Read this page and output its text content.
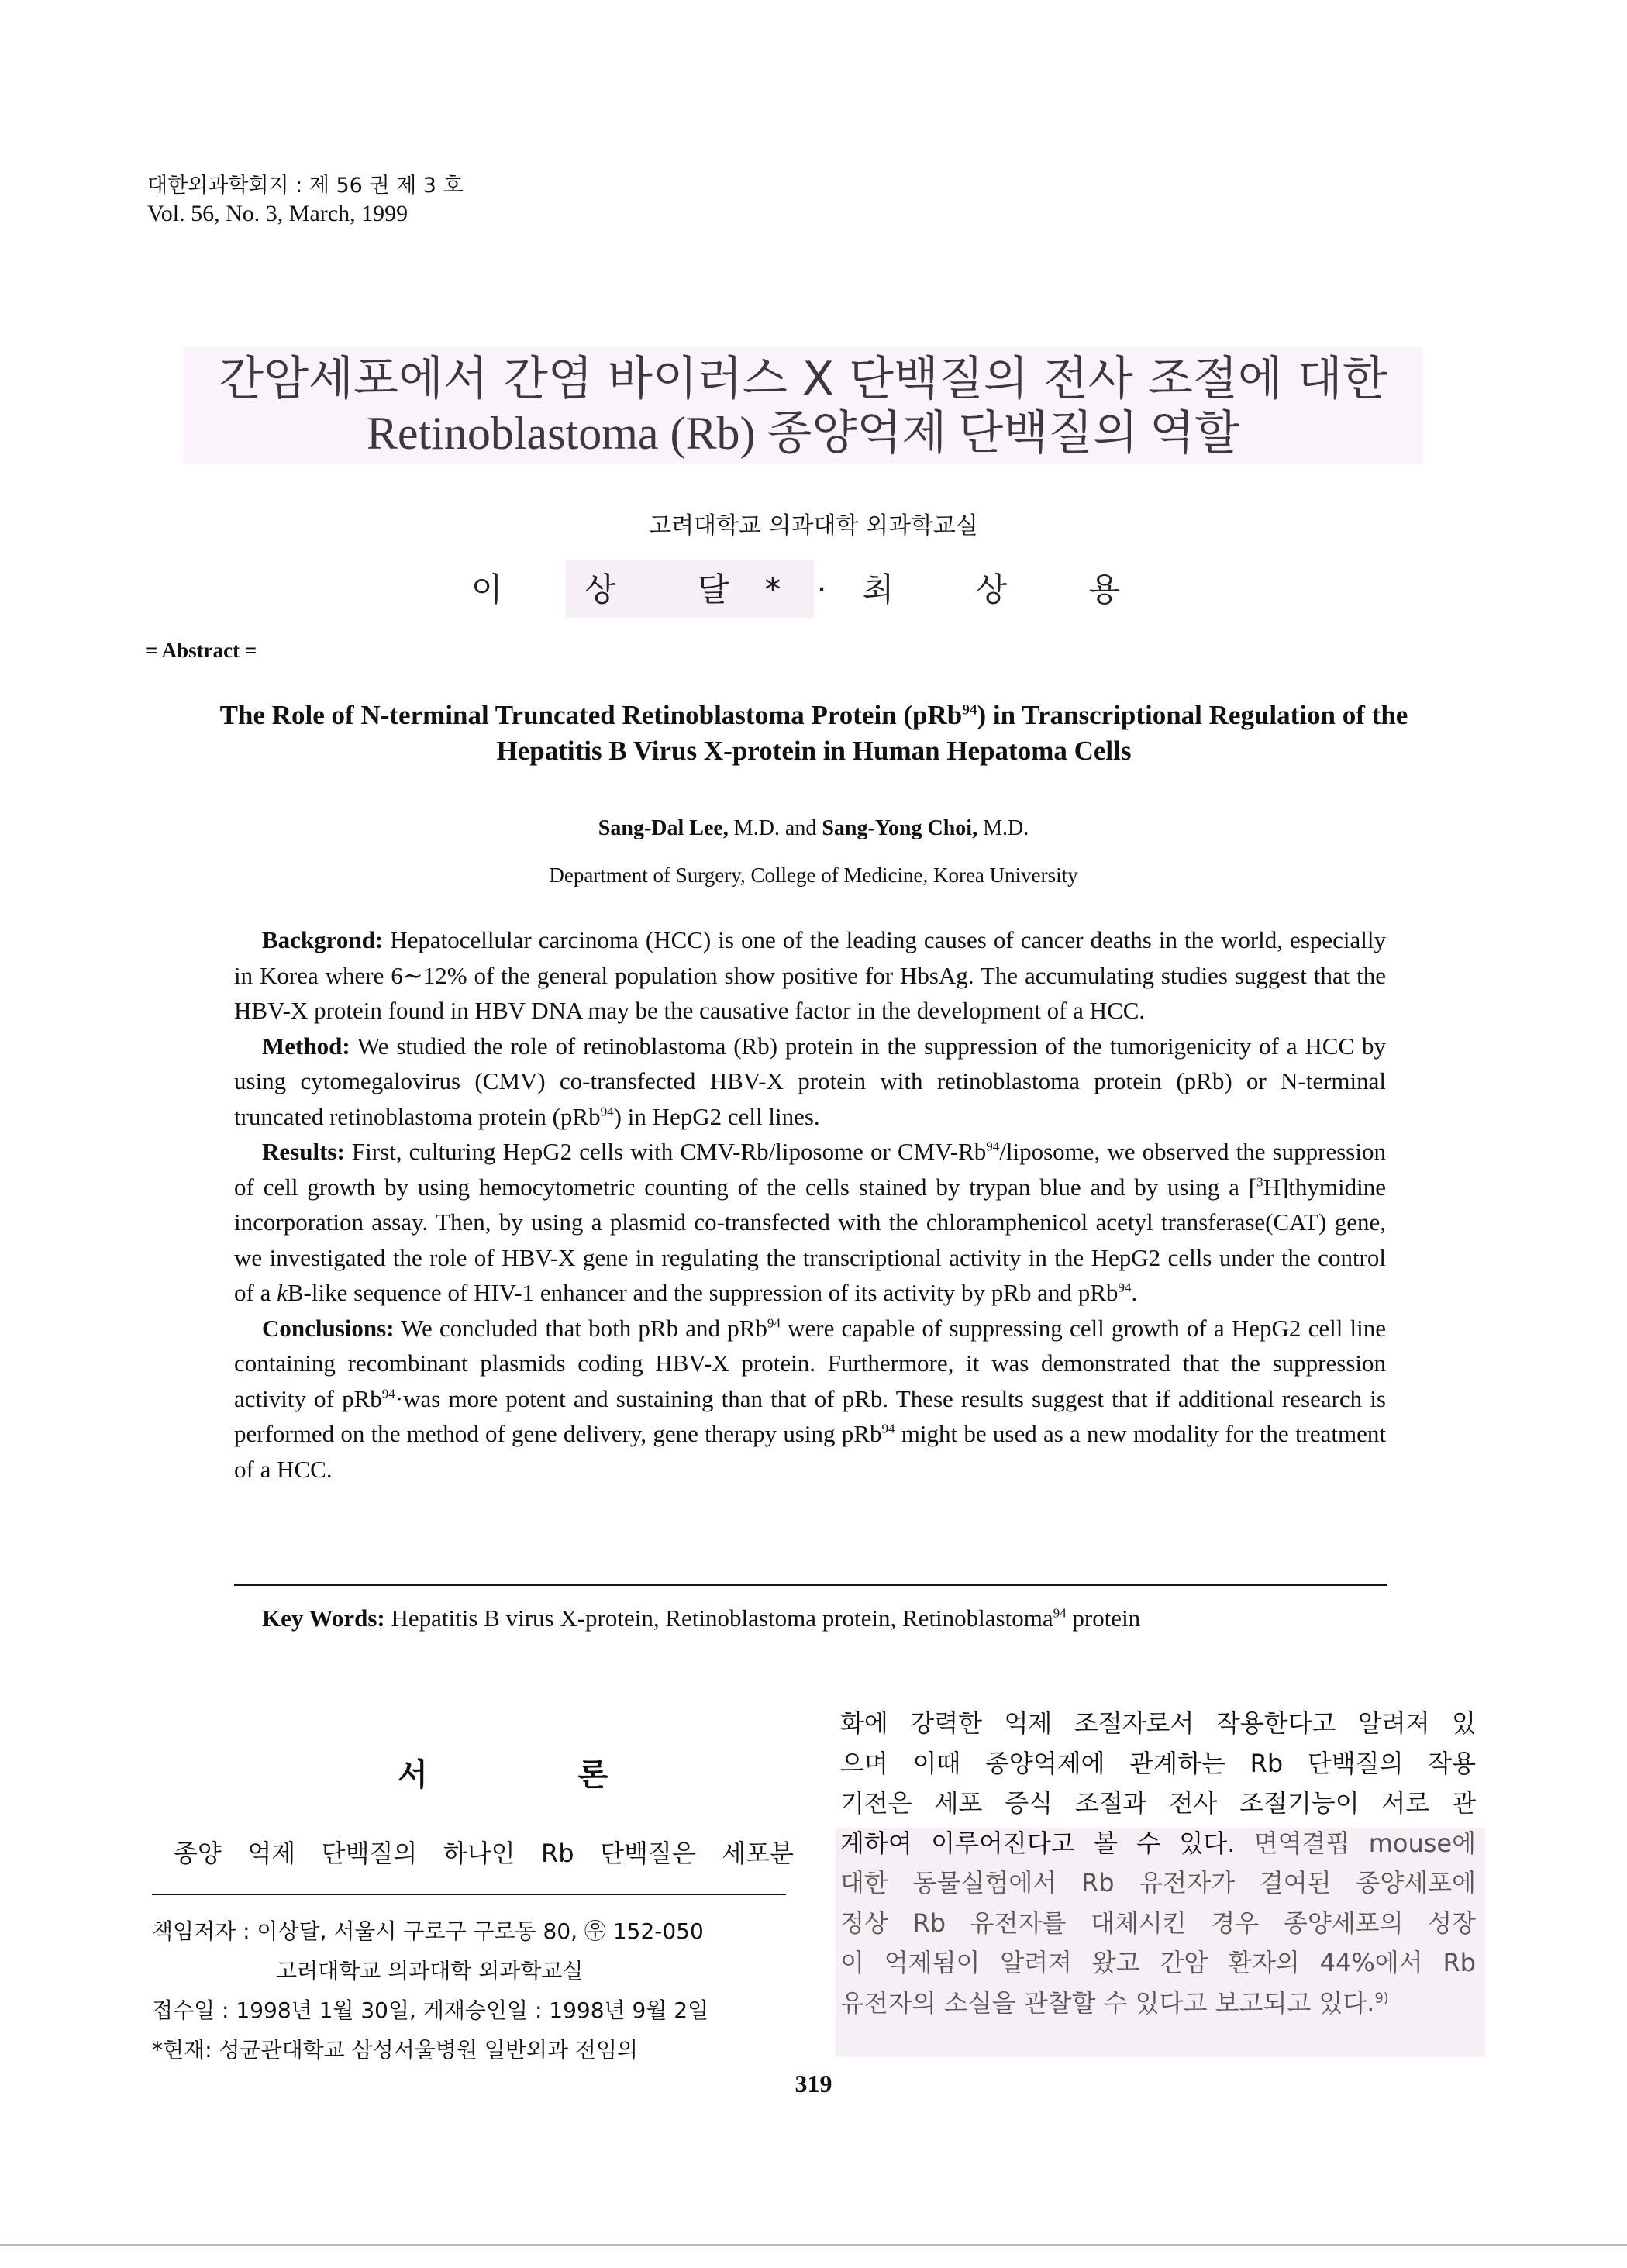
대한외과학회지 : 제 56 권 제 3 호
Vol. 56, No. 3, March, 1999
간암세포에서 간염 바이러스 X 단백질의 전사 조절에 대한
Retinoblastoma (Rb) 종양억제 단백질의 역할
고려대학교 의과대학 외과학교실
이 상 달*·최 상 용
= Abstract =
The Role of N-terminal Truncated Retinoblastoma Protein (pRb$^{94}$) in Transcriptional Regulation of the Hepatitis B Virus X-protein in Human Hepatoma Cells
Sang-Dal Lee, M.D. and Sang-Yong Choi, M.D.
Department of Surgery, College of Medicine, Korea University

Backgrond: Hepatocellular carcinoma (HCC) is one of the leading causes of cancer deaths in the world, especially in Korea where 6∼12% of the general population show positive for HbsAg. The accumulating studies suggest that the HBV-X protein found in HBV DNA may be the causative factor in the development of a HCC.

Method: We studied the role of retinoblastoma (Rb) protein in the suppression of the tumorigenicity of a HCC by using cytomegalovirus (CMV) co-transfected HBV-X protein with retinoblastoma protein (pRb) or N-terminal truncated retinoblastoma protein (pRb$^{94}$) in HepG2 cell lines.

Results: First, culturing HepG2 cells with CMV-Rb/liposome or CMV-Rb$^{94}$/liposome, we observed the suppression of cell growth by using hemocytometric counting of the cells stained by trypan blue and by using a [$^3$H]thymidine incorporation assay. Then, by using a plasmid co-transfected with the chloramphenicol acetyl transferase(CAT) gene, we investigated the role of HBV-X gene in regulating the transcriptional activity in the HepG2 cells under the control of a kB-like sequence of HIV-1 enhancer and the suppression of its activity by pRb and pRb$^{94}$.

Conclusions: We concluded that both pRb and pRb$^{94}$ were capable of suppressing cell growth of a HepG2 cell line containing recombinant plasmids coding HBV-X protein. Furthermore, it was demonstrated that the suppression activity of pRb$^{94}$·was more potent and sustaining than that of pRb. These results suggest that if additional research is performed on the method of gene delivery, gene therapy using pRb$^{94}$ might be used as a new modality for the treatment of a HCC.

Key Words: Hepatitis B virus X-protein, Retinoblastoma protein, Retinoblastoma$^{94}$ protein
서 론
종양 억제 단백질의 하나인 Rb 단백질은 세포분
책임저자 : 이상달, 서울시 구로구 구로동 80, ㉾ 152-050
고려대학교 의과대학 외과학교실
접수일 : 1998년 1월 30일, 게재승인일 : 1998년 9월 2일
*현재: 성균관대학교 삼성서울병원 일반외과 전임의
화에 강력한 억제 조절자로서 작용한다고 알려져 있
으며 이때 종양억제에 관계하는 Rb 단백질의 작용
기전은 세포 증식 조절과 전사 조절기능이 서로 관
계하여 이루어진다고 볼 수 있다. 면역결핍 mouse에
대한 동물실험에서 Rb 유전자가 결여된 종양세포에
정상 Rb 유전자를 대체시킨 경우 종양세포의 성장
이 억제됨이 알려져 왔고 간암 환자의 44%에서 Rb
유전자의 소실을 관찰할 수 있다고 보고되고 있다.$^{9)}$
319
